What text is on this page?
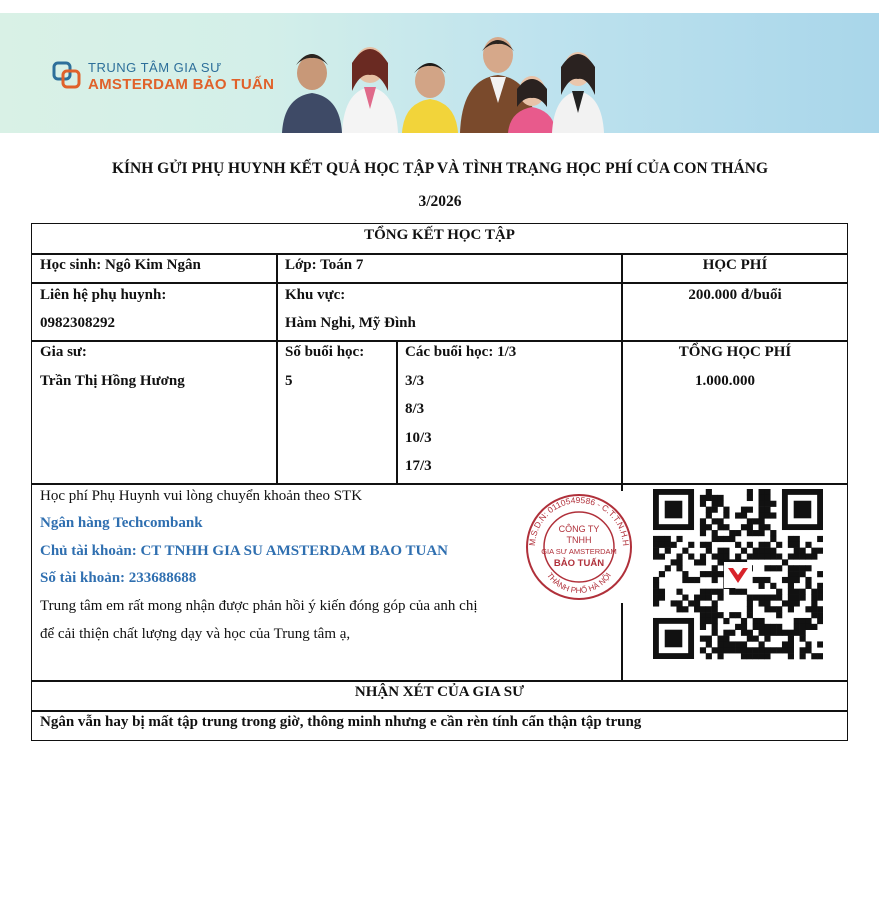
TRUNG TÂM GIA SƯ
AMSTERDAM BẢO TUẤN
KÍNH GỬI PHỤ HUYNH KẾT QUẢ HỌC TẬP VÀ TÌNH TRẠNG HỌC PHÍ CỦA CON THÁNG
3/2026
TỔNG KẾT HỌC TẬP
Học sinh: Ngô Kim Ngân	Lớp: Toán 7	HỌC PHÍ
Liên hệ phụ huynh:
0982308292
Khu vực:
Hàm Nghi, Mỹ Đình
200.000 đ/buổi
Gia sư:
Trần Thị Hồng Hương
Số buổi học:
5
Các buổi học: 1/3
3/3
8/3
10/3
17/3
TỔNG HỌC PHÍ
1.000.000
Học phí Phụ Huynh vui lòng chuyển khoản theo STK
Ngân hàng Techcombank
Chủ tài khoản: CT TNHH GIA SU AMSTERDAM BAO TUAN
Số tài khoản: 233688688
Trung tâm em rất mong nhận được phản hồi ý kiến đóng góp của anh chị
để cải thiện chất lượng dạy và học của Trung tâm ạ,
M.S.D.N: 0110549586 - C.T.T.N.H.H
THÀNH PHỐ HÀ NỘI
CÔNG TY
TNHH
GIA SƯ AMSTERDAM
BẢO TUẤN
NHẬN XÉT CỦA GIA SƯ
Ngân vẫn hay bị mất tập trung trong giờ, thông minh nhưng e cần rèn tính cẩn thận tập trung
